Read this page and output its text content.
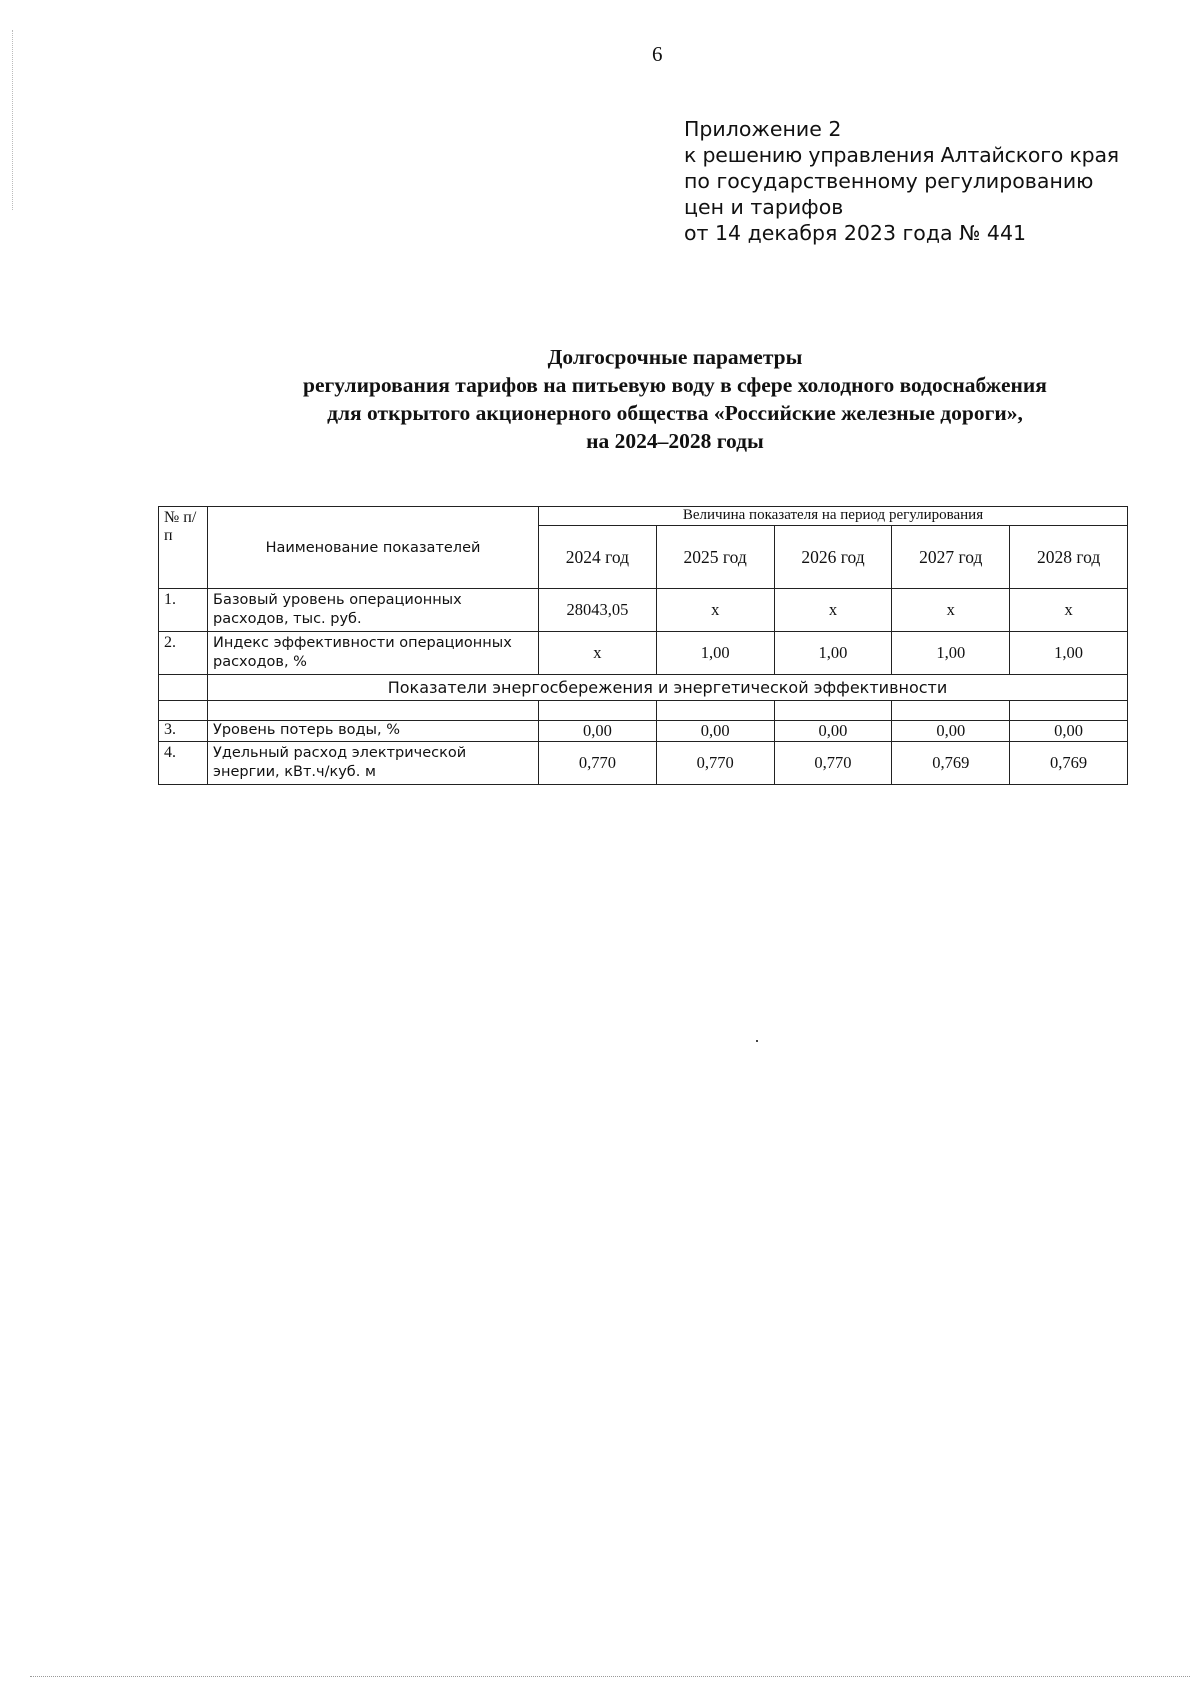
6
Приложение 2
к решению управления Алтайского края
по государственному регулированию
цен и тарифов
от 14 декабря 2023 года № 441
Долгосрочные параметры
регулирования тарифов на питьевую воду в сфере холодного водоснабжения
для открытого акционерного общества «Российские железные дороги»,
на 2024–2028 годы
№ п/п	Наименование показателей	Величина показателя на период регулирования				
		2024 год	2025 год	2026 год	2027 год	2028 год
1.	Базовый уровень операционных расходов, тыс. руб.	28043,05	х	х	х	х
2.	Индекс эффективности операционных расходов, %	х	1,00	1,00	1,00	1,00
	Показатели энергосбережения и энергетической эффективности					

3.	Уровень потерь воды, %	0,00	0,00	0,00	0,00	0,00
4.	Удельный расход электрической энергии, кВт.ч/куб. м	0,770	0,770	0,770	0,769	0,769
